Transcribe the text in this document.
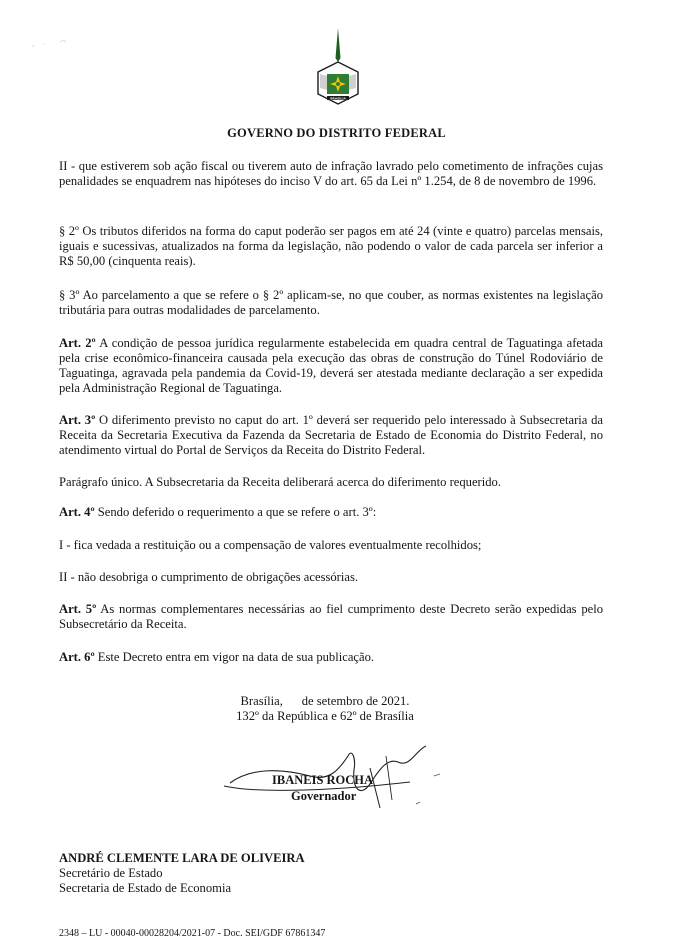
BRASÍLIA
GOVERNO DO DISTRITO FEDERAL

II - que estiverem sob ação fiscal ou tiverem auto de infração lavrado pelo cometimento de infrações cujas penalidades se enquadrem nas hipóteses do inciso V do art. 65 da Lei nº 1.254, de 8 de novembro de 1996.

§ 2º Os tributos diferidos na forma do caput poderão ser pagos em até 24 (vinte e quatro) parcelas mensais, iguais e sucessivas, atualizados na forma da legislação, não podendo o valor de cada parcela ser inferior a R$ 50,00 (cinquenta reais).

§ 3º Ao parcelamento a que se refere o § 2º aplicam-se, no que couber, as normas existentes na legislação tributária para outras modalidades de parcelamento.

Art. 2º A condição de pessoa jurídica regularmente estabelecida em quadra central de Taguatinga afetada pela crise econômico-financeira causada pela execução das obras de construção do Túnel Rodoviário de Taguatinga, agravada pela pandemia da Covid-19, deverá ser atestada mediante declaração a ser expedida pela Administração Regional de Taguatinga.

Art. 3º O diferimento previsto no caput do art. 1º deverá ser requerido pelo interessado à Subsecretaria da Receita da Secretaria Executiva da Fazenda da Secretaria de Estado de Economia do Distrito Federal, no atendimento virtual do Portal de Serviços da Receita do Distrito Federal.

Parágrafo único. A Subsecretaria da Receita deliberará acerca do diferimento requerido.

Art. 4º Sendo deferido o requerimento a que se refere o art. 3º:

I - fica vedada a restituição ou a compensação de valores eventualmente recolhidos;

II - não desobriga o cumprimento de obrigações acessórias.

Art. 5º As normas complementares necessárias ao fiel cumprimento deste Decreto serão expedidas pelo Subsecretário da Receita.

Art. 6º Este Decreto entra em vigor na data de sua publicação.

Brasília,      de setembro de 2021.
132º da República e 62º de Brasília
IBANEIS ROCHA
Governador
ANDRÉ CLEMENTE LARA DE OLIVEIRA
Secretário de Estado
Secretaria de Estado de Economia
2348 – LU - 00040-00028204/2021-07 - Doc. SEI/GDF 67861347
